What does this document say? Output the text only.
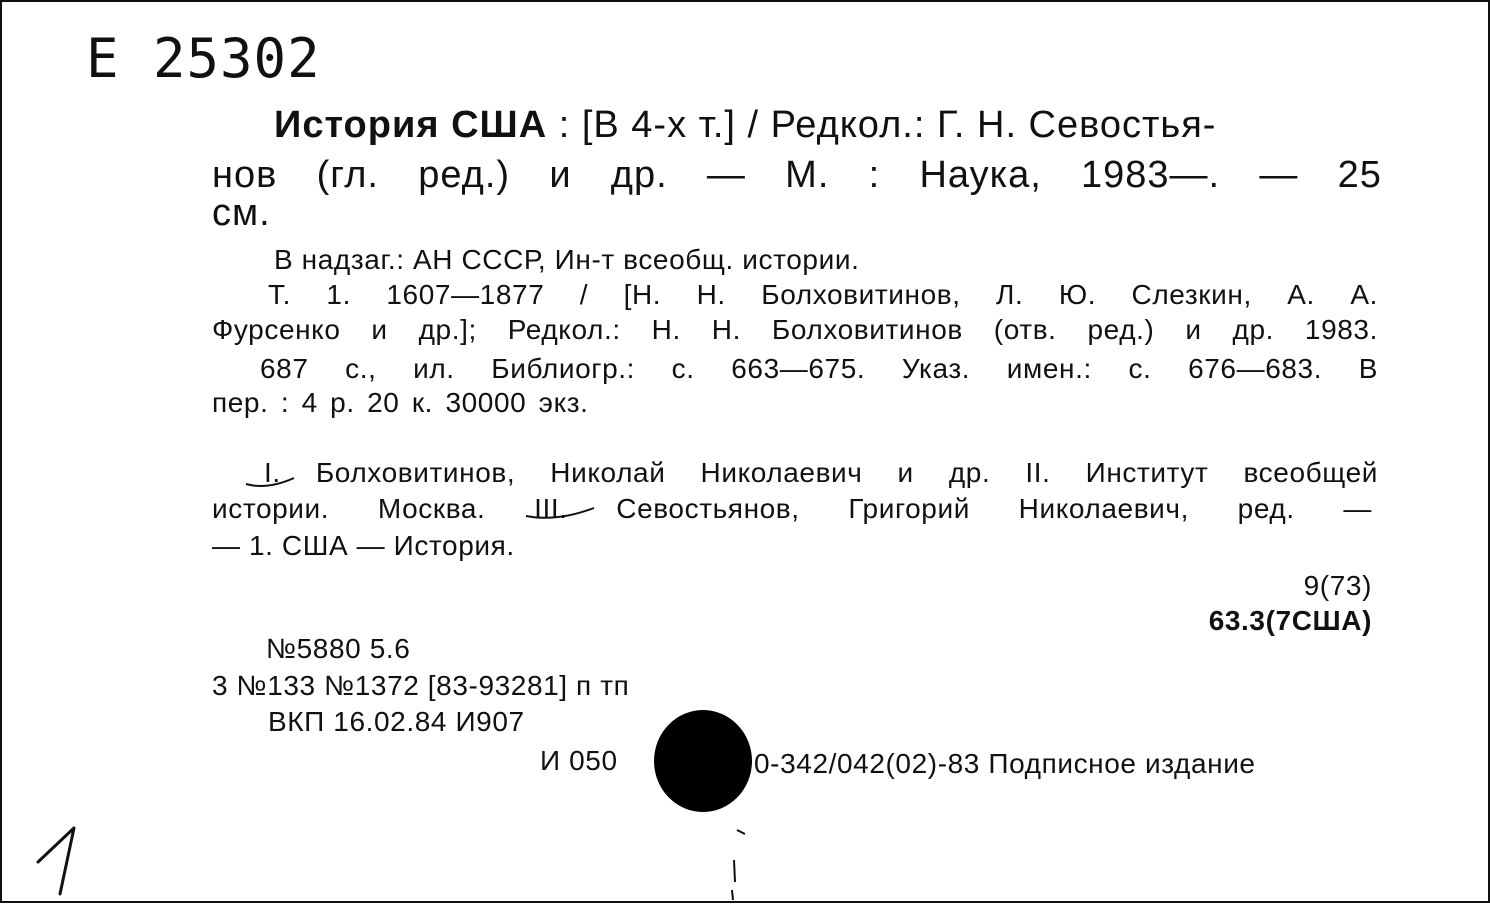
Е 25302
История США : [В 4-х т.] / Редкол.: Г. Н. Севостья-
нов (гл. ред.) и др. — М. : Наука, 1983—. — 25
см.
В надзаг.: АН СССР, Ин-т всеобщ. истории.
Т. 1. 1607—1877 / [Н. Н. Болховитинов, Л. Ю. Слезкин, А. А.
Фурсенко и др.]; Редкол.: Н. Н. Болховитинов (отв. ред.) и др. 1983.
687 с., ил. Библиогр.: с. 663—675. Указ. имен.: с. 676—683. В
пер. : 4 р. 20 к. 30000 экз.
I. Болховитинов, Николай Николаевич и др. II. Институт всеобщей
истории. Москва. III. Севостьянов, Григорий Николаевич, ред. —
— 1. США — История.
9(73)
63.3(7США)
№5880 5.6
3 №133 №1372 [83-93281] п тп
ВКП 16.02.84 И907
И 050	0-342/042(02)-83 Подписное издание
